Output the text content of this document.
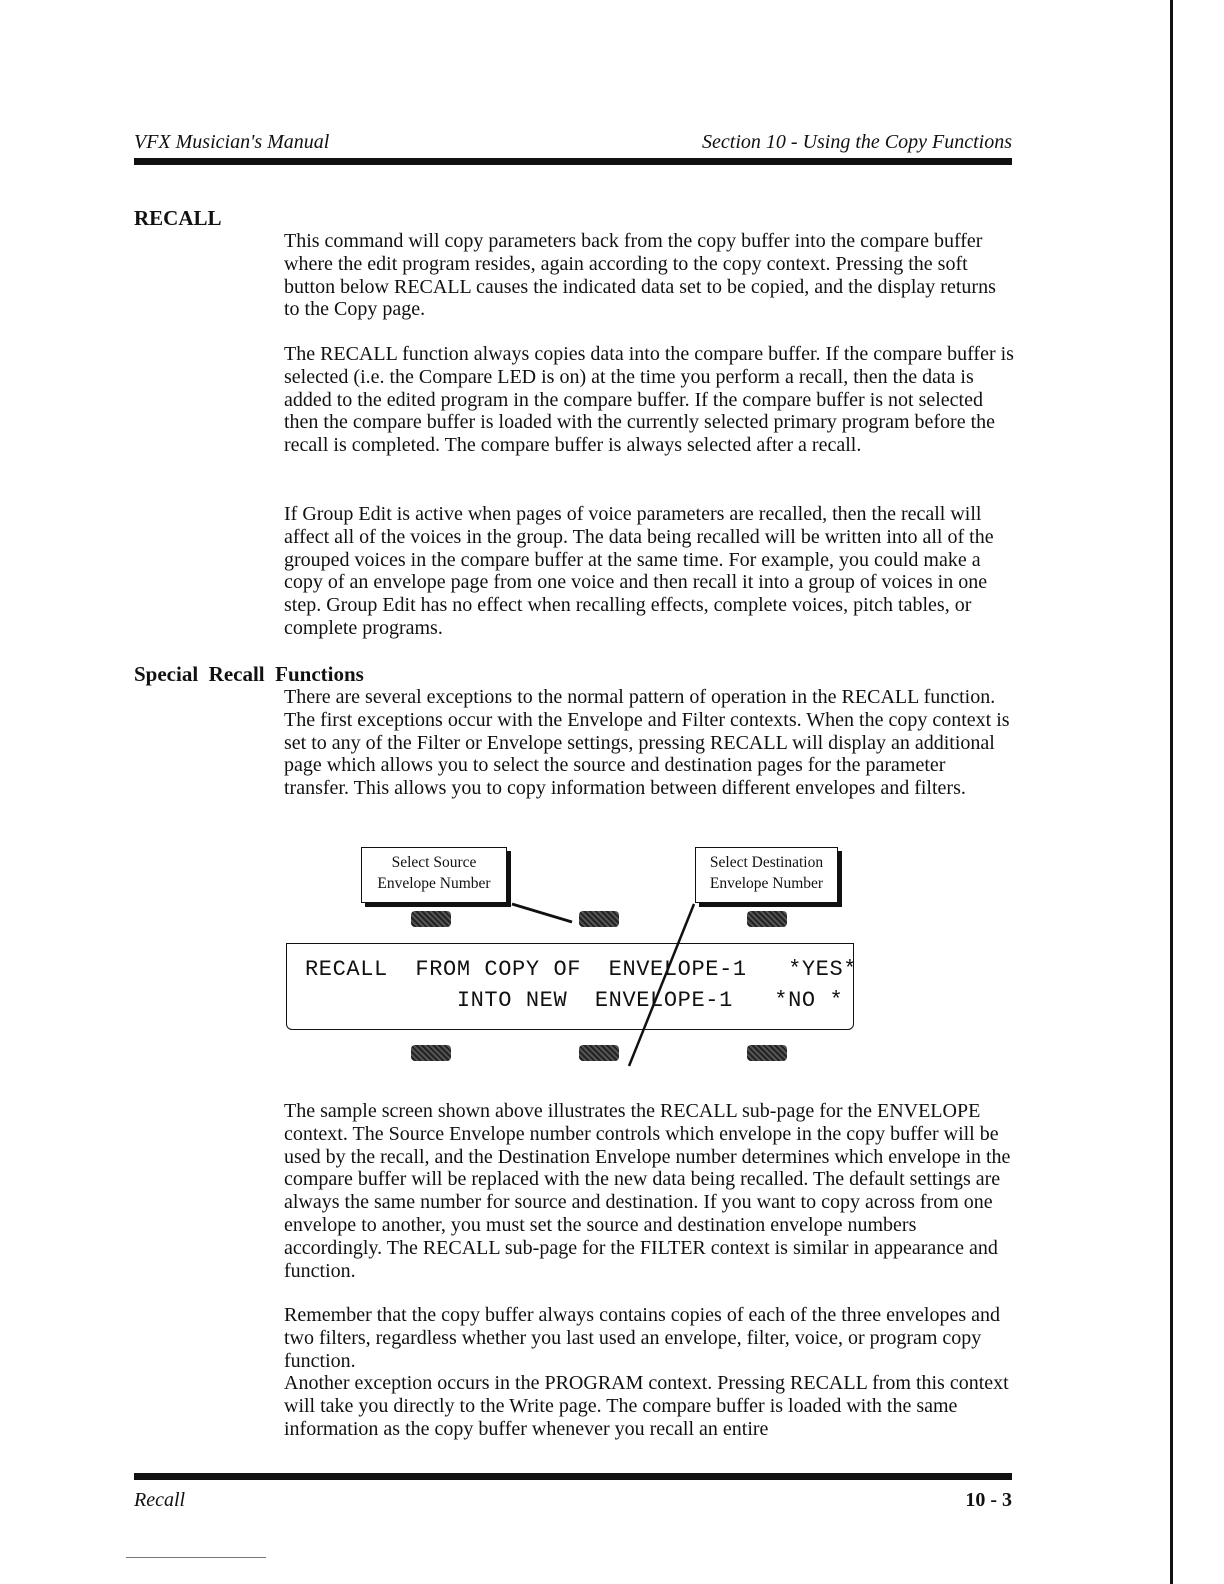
VFX Musician's Manual	Section 10 - Using the Copy Functions
RECALL

This command will copy parameters back from the copy buffer into the compare buffer where the edit program resides, again according to the copy context. Pressing the soft button below RECALL causes the indicated data set to be copied, and the display returns to the Copy page.

The RECALL function always copies data into the compare buffer. If the compare buffer is selected (i.e. the Compare LED is on) at the time you perform a recall, then the data is added to the edited program in the compare buffer. If the compare buffer is not selected then the compare buffer is loaded with the currently selected primary program before the recall is completed. The compare buffer is always selected after a recall.

If Group Edit is active when pages of voice parameters are recalled, then the recall will affect all of the voices in the group. The data being recalled will be written into all of the grouped voices in the compare buffer at the same time. For example, you could make a copy of an envelope page from one voice and then recall it into a group of voices in one step. Group Edit has no effect when recalling effects, complete voices, pitch tables, or complete programs.

Special  Recall  Functions

There are several exceptions to the normal pattern of operation in the RECALL function. The first exceptions occur with the Envelope and Filter contexts. When the copy context is set to any of the Filter or Envelope settings, pressing RECALL will display an additional page which allows you to select the source and destination pages for the parameter transfer. This allows you to copy information between different envelopes and filters.

Select Source
Envelope Number
Select Destination
Envelope Number
RECALL  FROM COPY OF  ENVELOPE-1   *YES*
INTO NEW  ENVELOPE-1   *NO *

The sample screen shown above illustrates the RECALL sub-page for the ENVELOPE context. The Source Envelope number controls which envelope in the copy buffer will be used by the recall, and the Destination Envelope number determines which envelope in the compare buffer will be replaced with the new data being recalled. The default settings are always the same number for source and destination. If you want to copy across from one envelope to another, you must set the source and destination envelope numbers accordingly. The RECALL sub-page for the FILTER context is similar in appearance and function.

Remember that the copy buffer always contains copies of each of the three envelopes and two filters, regardless whether you last used an envelope, filter, voice, or program copy function.

Another exception occurs in the PROGRAM context. Pressing RECALL from this context will take you directly to the Write page. The compare buffer is loaded with the same information as the copy buffer whenever you recall an entire

Recall	10 - 3
